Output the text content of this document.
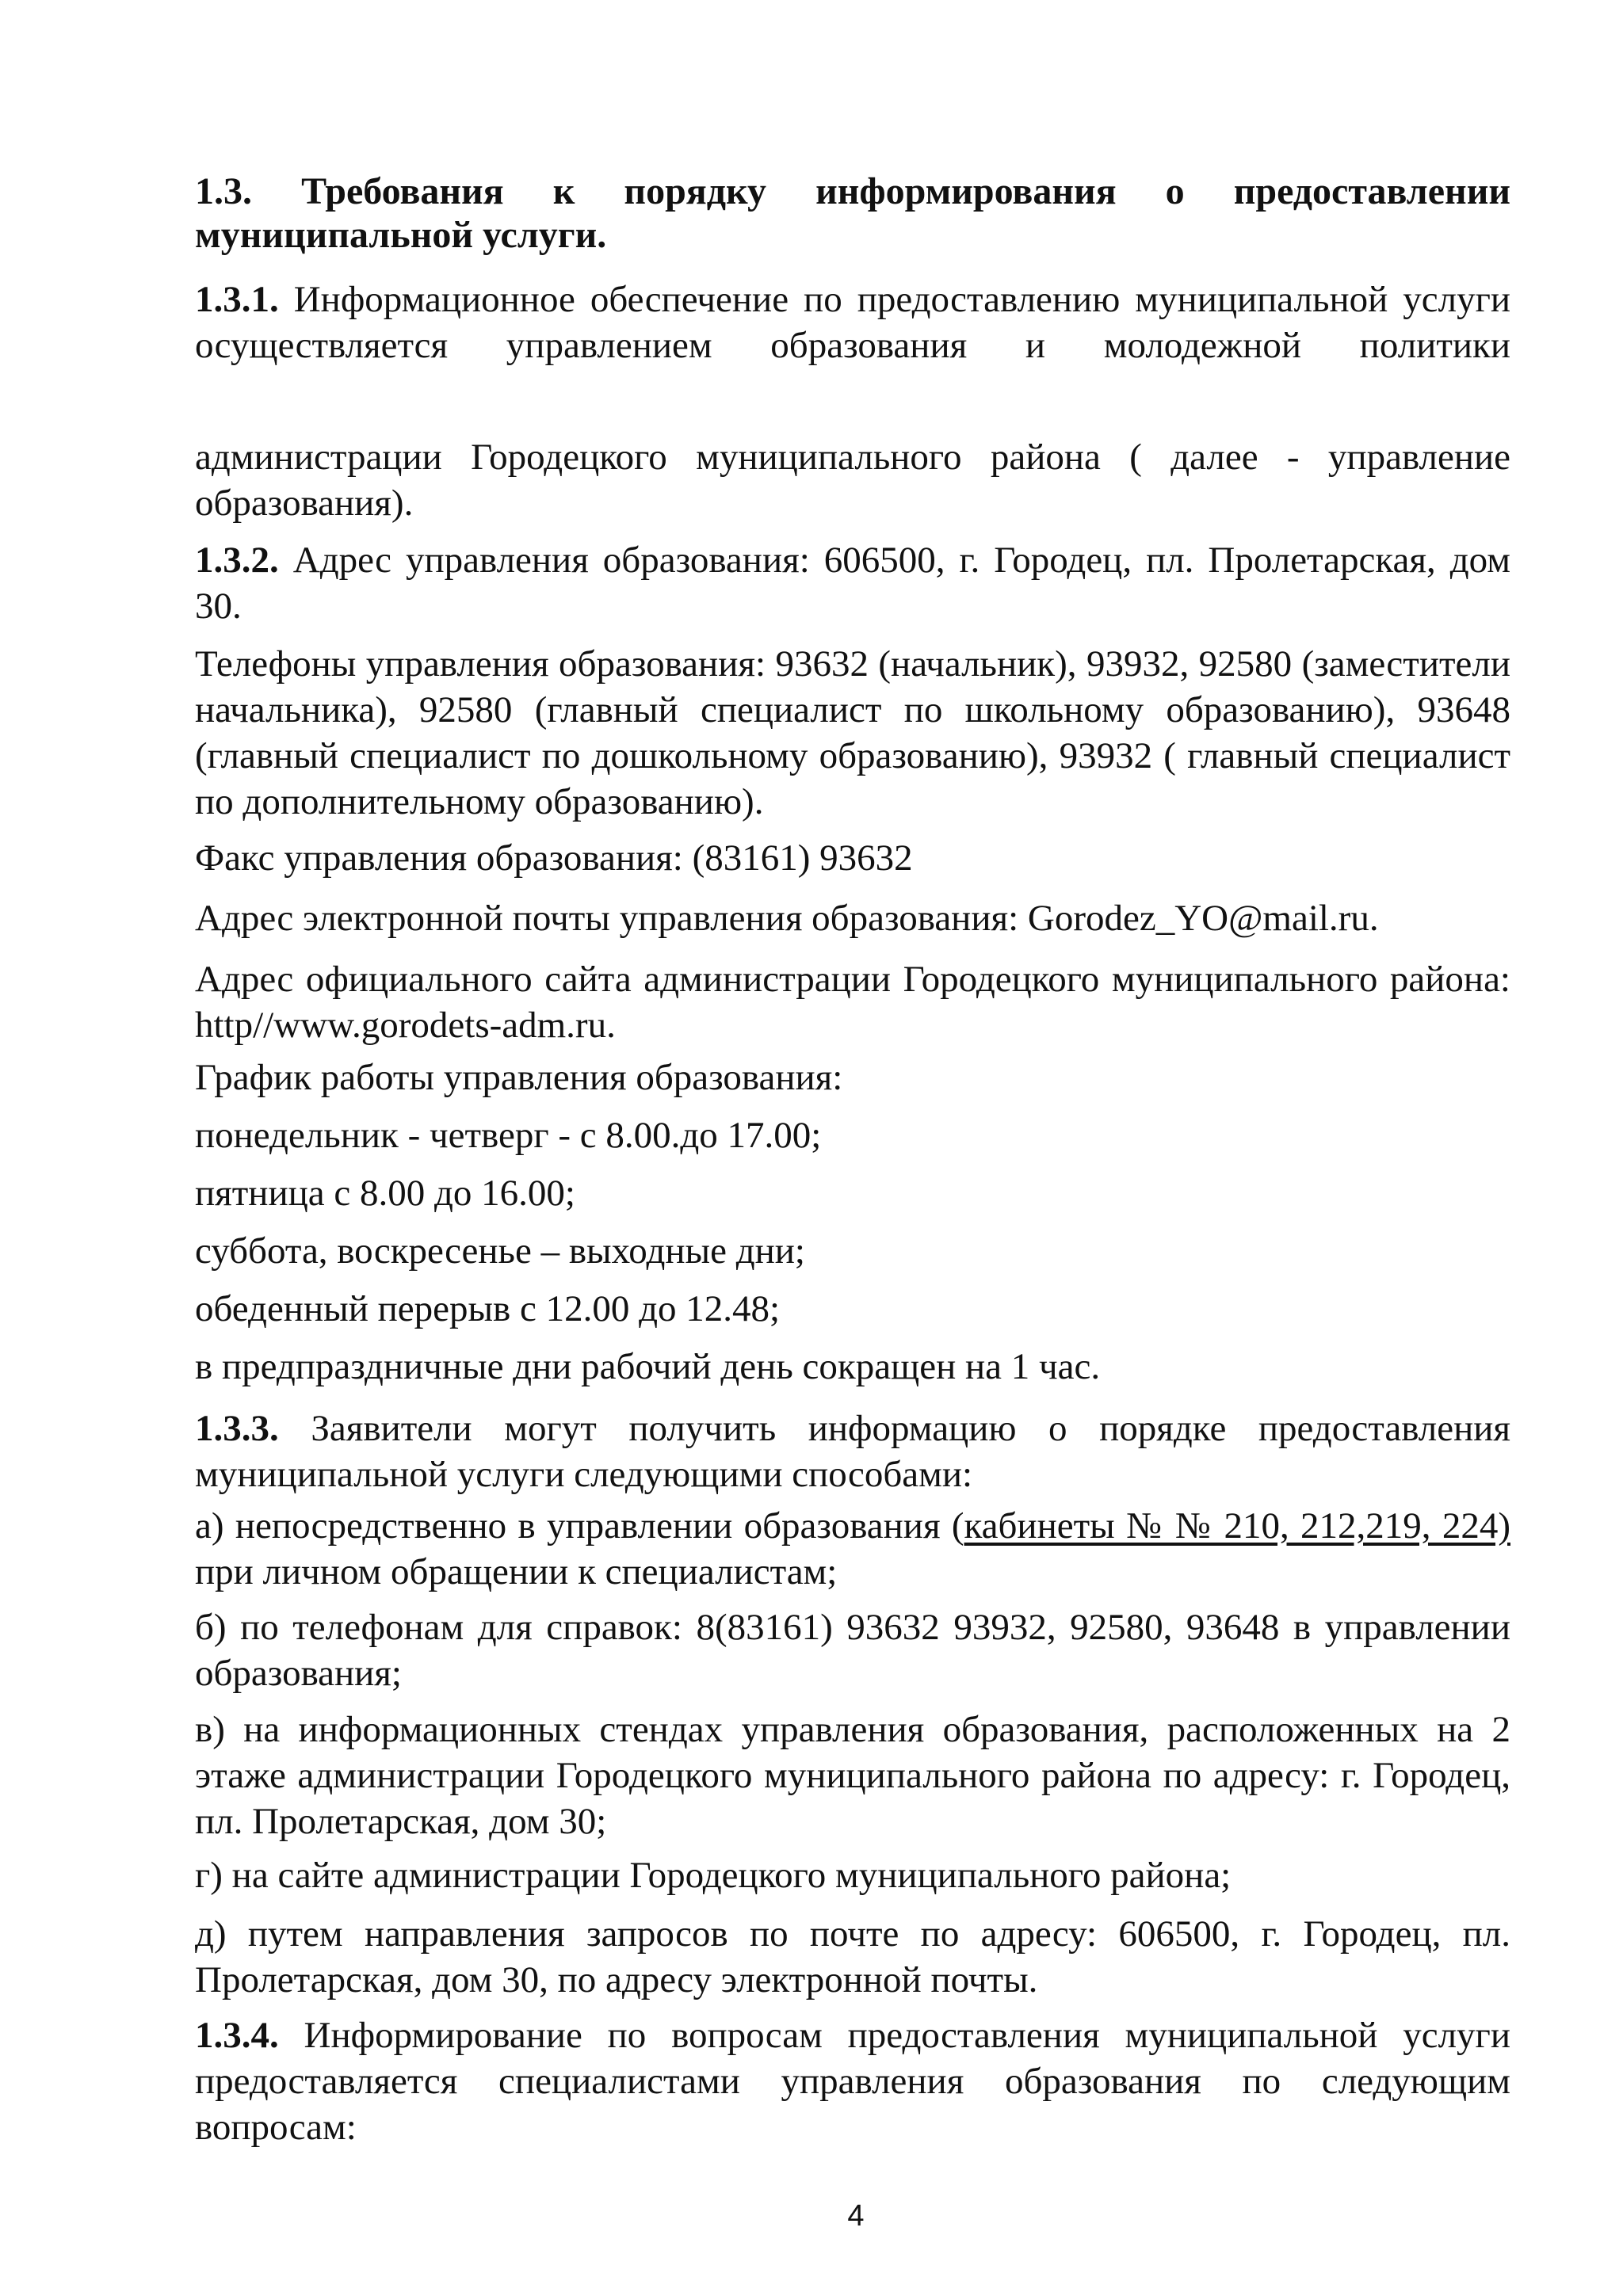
1.3. Требования к порядку информирования о предоставлении муниципальной услуги.

1.3.1. Информационное обеспечение по предоставлению муниципальной услуги осуществляется управлением образования и молодежной политики

администрации Городецкого муниципального района ( далее - управление образования).

1.3.2. Адрес управления образования: 606500, г. Городец, пл. Пролетарская, дом 30.

Телефоны управления образования: 93632 (начальник), 93932, 92580 (заместители начальника), 92580 (главный специалист по школьному образованию), 93648 (главный специалист по дошкольному образованию), 93932 ( главный специалист по дополнительному образованию).

Факс управления образования: (83161) 93632

Адрес электронной почты управления образования: Gorodez_YO@mail.ru.

Адрес официального сайта администрации Городецкого муниципального района: http//www.gorodets-adm.ru.

График работы управления образования:

понедельник - четверг - с 8.00.до 17.00;

пятница с 8.00 до 16.00;

суббота, воскресенье – выходные дни;

обеденный перерыв с 12.00 до 12.48;

в предпраздничные дни рабочий день сокращен на 1 час.

1.3.3. Заявители могут получить информацию о порядке предоставления муниципальной услуги следующими способами:

а) непосредственно в управлении образования (кабинеты № № 210, 212,219, 224) при личном обращении к специалистам;

б) по телефонам для справок: 8(83161) 93632 93932, 92580, 93648 в управлении образования;

в) на информационных стендах управления образования, расположенных на 2 этаже администрации Городецкого муниципального района по адресу: г. Городец, пл. Пролетарская, дом 30;

г) на сайте администрации Городецкого муниципального района;

д) путем направления запросов по почте по адресу: 606500, г. Городец, пл. Пролетарская, дом 30, по адресу электронной почты.

1.3.4. Информирование по вопросам предоставления муниципальной услуги предоставляется специалистами управления образования по следующим вопросам:

4
